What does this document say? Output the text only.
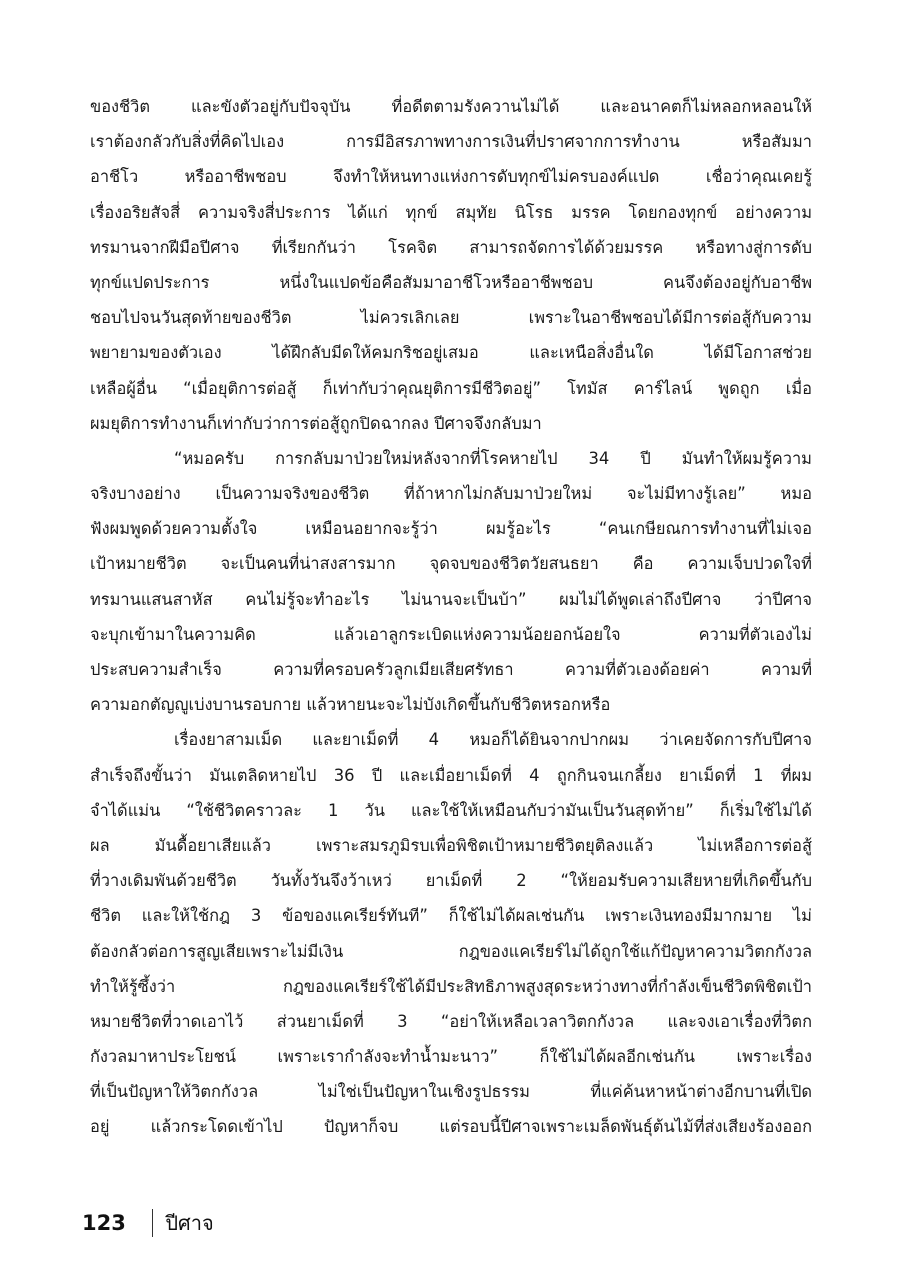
ของชีวิต และขังตัวอยู่กับปัจจุบัน ที่อดีตตามรังควานไม่ได้ และอนาคตก็ไม่หลอกหลอนให้
เราต้องกลัวกับสิ่งที่คิดไปเอง การมีอิสรภาพทางการเงินที่ปราศจากการทำงาน หรือสัมมา
อาชีโว หรืออาชีพชอบ จึงทำให้หนทางแห่งการดับทุกข์ไม่ครบองค์แปด เชื่อว่าคุณเคยรู้
เรื่องอริยสัจสี่ ความจริงสี่ประการ ได้แก่ ทุกข์ สมุทัย นิโรธ มรรค โดยกองทุกข์ อย่างความ
ทรมานจากฝีมือปีศาจ ที่เรียกกันว่า โรคจิต สามารถจัดการได้ด้วยมรรค หรือทางสู่การดับ
ทุกข์แปดประการ หนึ่งในแปดข้อคือสัมมาอาชีโวหรืออาชีพชอบ คนจึงต้องอยู่กับอาชีพ
ชอบไปจนวันสุดท้ายของชีวิต ไม่ควรเลิกเลย เพราะในอาชีพชอบได้มีการต่อสู้กับความ
พยายามของตัวเอง ได้ฝึกลับมีดให้คมกริชอยู่เสมอ และเหนือสิ่งอื่นใด ได้มีโอกาสช่วย
เหลือผู้อื่น “เมื่อยุติการต่อสู้ ก็เท่ากับว่าคุณยุติการมีชีวิตอยู่” โทมัส คาร์ไลน์ พูดถูก เมื่อ
ผมยุติการทำงานก็เท่ากับว่าการต่อสู้ถูกปิดฉากลง ปีศาจจึงกลับมา
“หมอครับ การกลับมาป่วยใหม่หลังจากที่โรคหายไป 34 ปี มันทำให้ผมรู้ความ
จริงบางอย่าง เป็นความจริงของชีวิต ที่ถ้าหากไม่กลับมาป่วยใหม่ จะไม่มีทางรู้เลย” หมอ
ฟังผมพูดด้วยความตั้งใจ เหมือนอยากจะรู้ว่า ผมรู้อะไร “คนเกษียณการทำงานที่ไม่เจอ
เป้าหมายชีวิต จะเป็นคนที่น่าสงสารมาก จุดจบของชีวิตวัยสนธยา คือ ความเจ็บปวดใจที่
ทรมานแสนสาหัส คนไม่รู้จะทำอะไร ไม่นานจะเป็นบ้า” ผมไม่ได้พูดเล่าถึงปีศาจ ว่าปีศาจ
จะบุกเข้ามาในความคิด แล้วเอาลูกระเบิดแห่งความน้อยอกน้อยใจ ความที่ตัวเองไม่
ประสบความสำเร็จ ความที่ครอบครัวลูกเมียเสียศรัทธา ความที่ตัวเองด้อยค่า ความที่
ความอกตัญญูเบ่งบานรอบกาย แล้วหายนะจะไม่บังเกิดขึ้นกับชีวิตหรอกหรือ
เรื่องยาสามเม็ด และยาเม็ดที่ 4 หมอก็ได้ยินจากปากผม ว่าเคยจัดการกับปีศาจ
สำเร็จถึงขั้นว่า มันเตลิดหายไป 36 ปี และเมื่อยาเม็ดที่ 4 ถูกกินจนเกลี้ยง ยาเม็ดที่ 1 ที่ผม
จำได้แม่น “ใช้ชีวิตคราวละ 1 วัน และใช้ให้เหมือนกับว่ามันเป็นวันสุดท้าย” ก็เริ่มใช้ไม่ได้
ผล มันดื้อยาเสียแล้ว เพราะสมรภูมิรบเพื่อพิชิตเป้าหมายชีวิตยุติลงแล้ว ไม่เหลือการต่อสู้
ที่วางเดิมพันด้วยชีวิต วันทั้งวันจึงว้าเหว่ ยาเม็ดที่ 2 “ให้ยอมรับความเสียหายที่เกิดขึ้นกับ
ชีวิต และให้ใช้กฎ 3 ข้อของแคเรียร์ทันที” ก็ใช้ไม่ได้ผลเช่นกัน เพราะเงินทองมีมากมาย ไม่
ต้องกลัวต่อการสูญเสียเพราะไม่มีเงิน กฎของแคเรียร์ไม่ได้ถูกใช้แก้ปัญหาความวิตกกังวล
ทำให้รู้ซึ้งว่า กฎของแคเรียร์ใช้ได้มีประสิทธิภาพสูงสุดระหว่างทางที่กำลังเข็นชีวิตพิชิตเป้า
หมายชีวิตที่วาดเอาไว้ ส่วนยาเม็ดที่ 3 “อย่าให้เหลือเวลาวิตกกังวล และจงเอาเรื่องที่วิตก
กังวลมาหาประโยชน์ เพราะเรากำลังจะทำน้ำมะนาว” ก็ใช้ไม่ได้ผลอีกเช่นกัน เพราะเรื่อง
ที่เป็นปัญหาให้วิตกกังวล ไม่ใช่เป็นปัญหาในเชิงรูปธรรม ที่แค่ค้นหาหน้าต่างอีกบานที่เปิด
อยู่ แล้วกระโดดเข้าไป ปัญหาก็จบ แต่รอบนี้ปีศาจเพราะเมล็ดพันธุ์ต้นไม้ที่ส่งเสียงร้องออก
123 ปีศาจ
